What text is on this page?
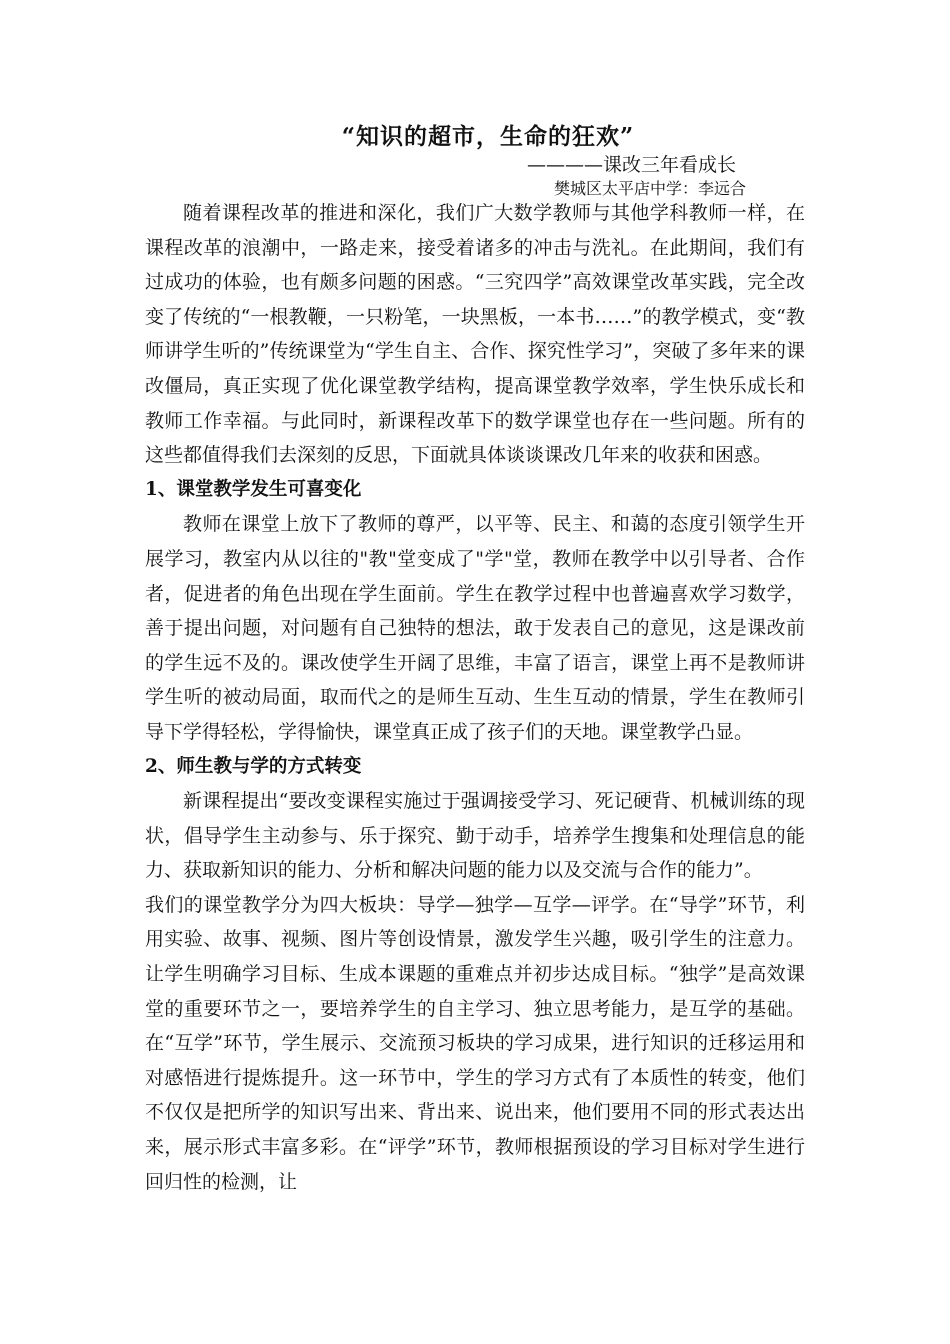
“知识的超市，生命的狂欢”
————课改三年看成长
樊城区太平店中学：李远合

随着课程改革的推进和深化，我们广大数学教师与其他学科教师一样，在课程改革的浪潮中，一路走来，接受着诸多的冲击与洗礼。在此期间，我们有过成功的体验，也有颇多问题的困惑。“三究四学”高效课堂改革实践，完全改变了传统的“一根教鞭，一只粉笔，一块黑板，一本书……”的教学模式，变“教师讲学生听的”传统课堂为“学生自主、合作、探究性学习”，突破了多年来的课改僵局，真正实现了优化课堂教学结构，提高课堂教学效率，学生快乐成长和教师工作幸福。与此同时，新课程改革下的数学课堂也存在一些问题。所有的这些都值得我们去深刻的反思，下面就具体谈谈课改几年来的收获和困惑。

1、课堂教学发生可喜变化

教师在课堂上放下了教师的尊严，以平等、民主、和蔼的态度引领学生开展学习，教室内从以往的"教"堂变成了"学"堂，教师在教学中以引导者、合作者，促进者的角色出现在学生面前。学生在教学过程中也普遍喜欢学习数学，善于提出问题，对问题有自己独特的想法，敢于发表自己的意见，这是课改前的学生远不及的。课改使学生开阔了思维，丰富了语言，课堂上再不是教师讲学生听的被动局面，取而代之的是师生互动、生生互动的情景，学生在教师引导下学得轻松，学得愉快，课堂真正成了孩子们的天地。课堂教学凸显。

2、师生教与学的方式转变

新课程提出“要改变课程实施过于强调接受学习、死记硬背、机械训练的现状，倡导学生主动参与、乐于探究、勤于动手，培养学生搜集和处理信息的能力、获取新知识的能力、分析和解决问题的能力以及交流与合作的能力”。

我们的课堂教学分为四大板块：导学—独学—互学—评学。在“导学”环节，利用实验、故事、视频、图片等创设情景，激发学生兴趣，吸引学生的注意力。让学生明确学习目标、生成本课题的重难点并初步达成目标。“独学”是高效课堂的重要环节之一，要培养学生的自主学习、独立思考能力，是互学的基础。在“互学”环节，学生展示、交流预习板块的学习成果，进行知识的迁移运用和对感悟进行提炼提升。这一环节中，学生的学习方式有了本质性的转变，他们不仅仅是把所学的知识写出来、背出来、说出来，他们要用不同的形式表达出来，展示形式丰富多彩。在“评学”环节，教师根据预设的学习目标对学生进行回归性的检测，让
